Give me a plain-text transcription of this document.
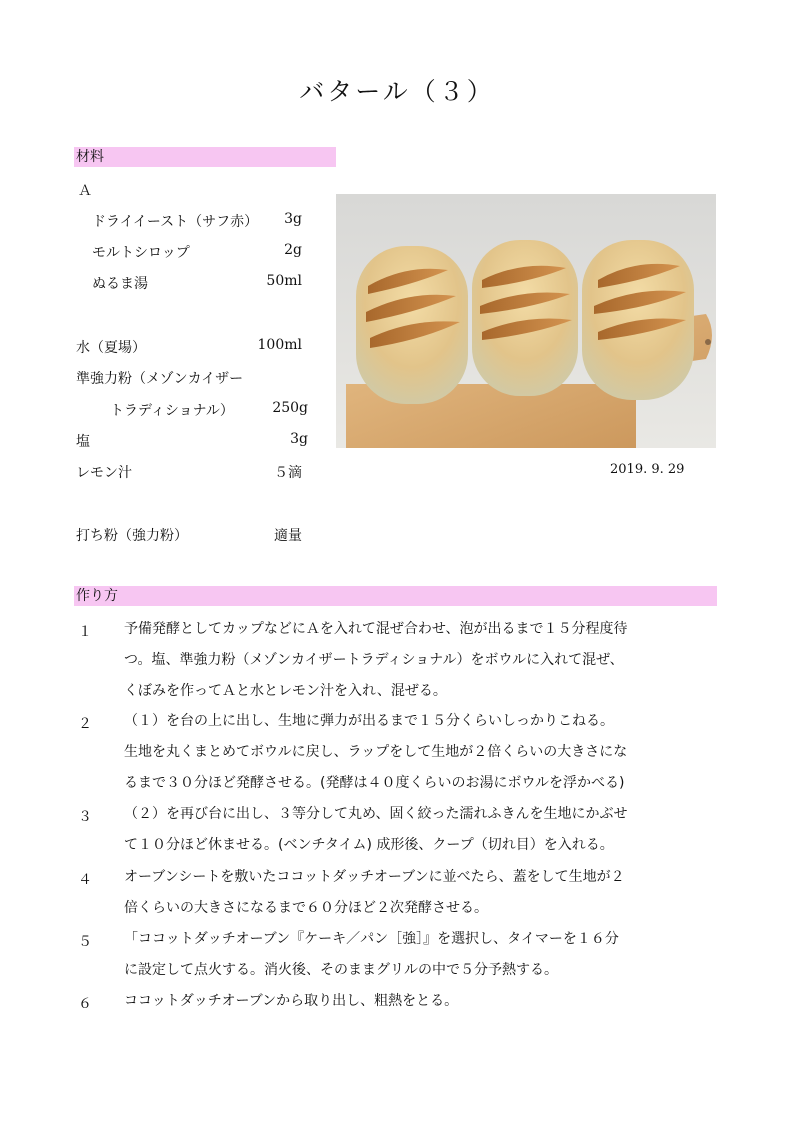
バタール（３）
材料
Ａ
ドライイースト（サフ赤）	3g
モルトシロップ	2g
ぬるま湯	50ml
水（夏場）	100ml
準強力粉（メゾンカイザー
トラディショナル）	250g
塩	3g
レモン汁	５滴
打ち粉（強力粉）	適量
2019. 9. 29
作り方
１ 予備発酵としてカップなどにＡを入れて混ぜ合わせ、泡が出るまで１５分程度待
つ。塩、準強力粉（メゾンカイザートラディショナル）をボウルに入れて混ぜ、
くぼみを作ってＡと水とレモン汁を入れ、混ぜる。
２ （１）を台の上に出し、生地に弾力が出るまで１５分くらいしっかりこねる。
生地を丸くまとめてボウルに戻し、ラップをして生地が２倍くらいの大きさにな
るまで３０分ほど発酵させる。(発酵は４０度くらいのお湯にボウルを浮かべる)
３ （２）を再び台に出し、３等分して丸め、固く絞った濡れふきんを生地にかぶせ
て１０分ほど休ませる。(ベンチタイム) 成形後、クープ（切れ目）を入れる。
４ オーブンシートを敷いたココットダッチオーブンに並べたら、蓋をして生地が２
倍くらいの大きさになるまで６０分ほど２次発酵させる。
５ 「ココットダッチオーブン『ケーキ／パン［強］』を選択し、タイマーを１６分
に設定して点火する。消火後、そのままグリルの中で５分予熱する。
６ ココットダッチオーブンから取り出し、粗熱をとる。
